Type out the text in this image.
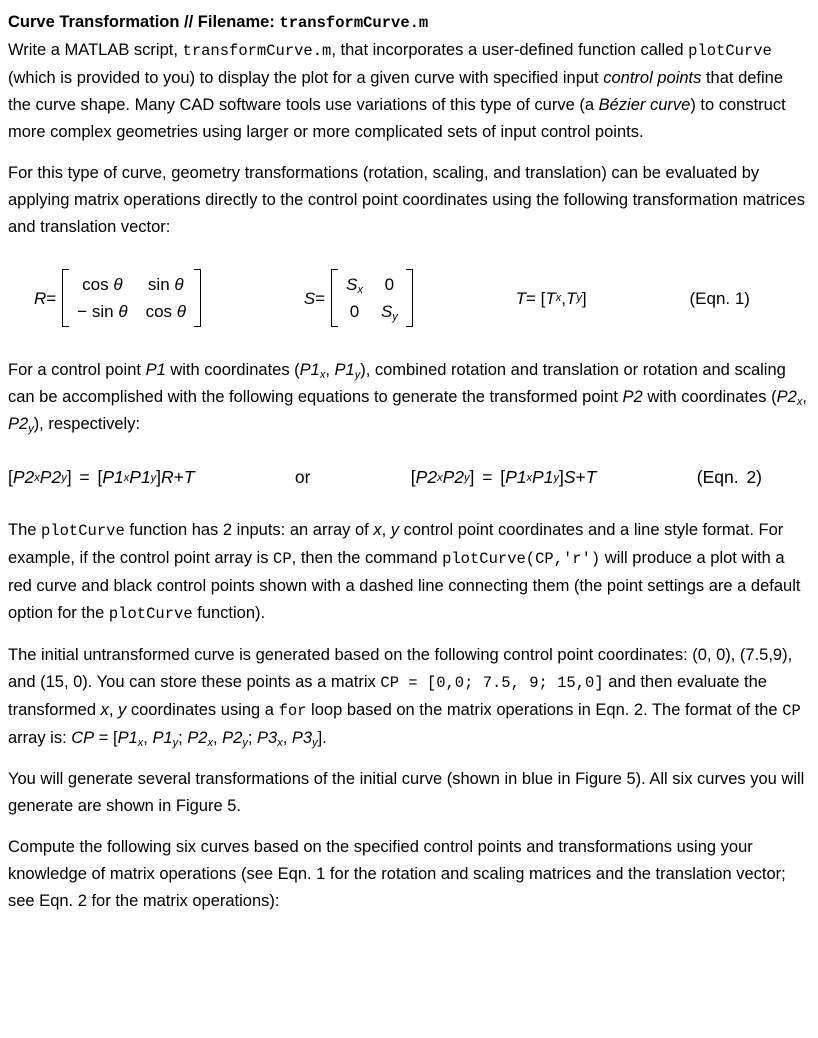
Curve Transformation // Filename: transformCurve.m

Write a MATLAB script, transformCurve.m, that incorporates a user-defined function called plotCurve (which is provided to you) to display the plot for a given curve with specified input control points that define the curve shape. Many CAD software tools use variations of this type of curve (a Bézier curve) to construct more complex geometries using larger or more complicated sets of input control points.

For this type of curve, geometry transformations (rotation, scaling, and translation) can be evaluated by applying matrix operations directly to the control point coordinates using the following transformation matrices and translation vector:

R =
cos θ sin θ
− sin θ cos θ
S =
$S_x$ 0
0 $S_y$
T = [ T x , T y ]	(Eqn. 1)

For a control point P1 with coordinates ($P1_x$, $P1_y$), combined rotation and translation or rotation and scaling can be accomplished with the following equations to generate the transformed point P2 with coordinates ($P2_x$, $P2_y$), respectively:

[ P2 x P2 y ] = [ P1 x P1 y ] R + T	or	[ P2 x P2 y ] = [ P1 x P1 y ] S + T	(Eqn. 2)

The plotCurve function has 2 inputs: an array of x, y control point coordinates and a line style format. For example, if the control point array is CP, then the command plotCurve(CP,'r') will produce a plot with a red curve and black control points shown with a dashed line connecting them (the point settings are a default option for the plotCurve function).

The initial untransformed curve is generated based on the following control point coordinates: (0, 0), (7.5,9), and (15, 0). You can store these points as a matrix CP = [0,0; 7.5, 9; 15,0] and then evaluate the transformed x, y coordinates using a for loop based on the matrix operations in Eqn. 2. The format of the CP array is: CP = [$P1_x$, $P1_y$; $P2_x$, $P2_y$; $P3_x$, $P3_y$].

You will generate several transformations of the initial curve (shown in blue in Figure 5). All six curves you will generate are shown in Figure 5.

Compute the following six curves based on the specified control points and transformations using your knowledge of matrix operations (see Eqn. 1 for the rotation and scaling matrices and the translation vector; see Eqn. 2 for the matrix operations):
